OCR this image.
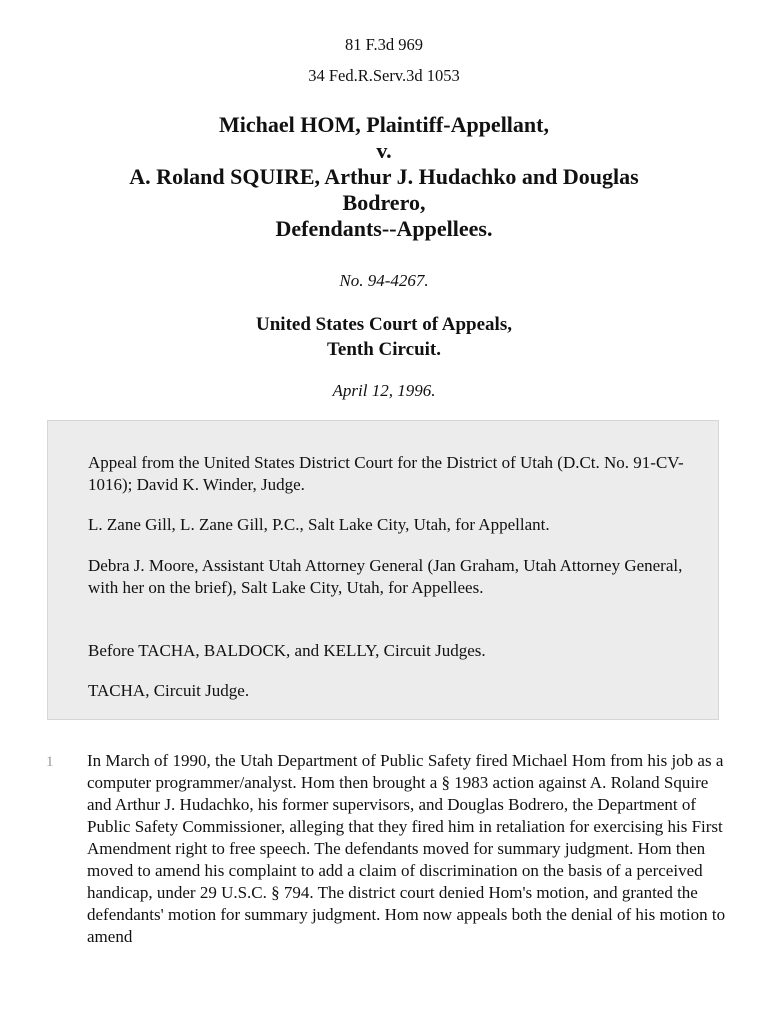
81 F.3d 969
34 Fed.R.Serv.3d 1053
Michael HOM, Plaintiff-Appellant,
v.
A. Roland SQUIRE, Arthur J. Hudachko and Douglas
Bodrero,
Defendants--Appellees.
No. 94-4267.
United States Court of Appeals,
Tenth Circuit.
April 12, 1996.

Appeal from the United States District Court for the District of Utah (D.Ct. No. 91-CV-1016); David K. Winder, Judge.

L. Zane Gill, L. Zane Gill, P.C., Salt Lake City, Utah, for Appellant.

Debra J. Moore, Assistant Utah Attorney General (Jan Graham, Utah Attorney General, with her on the brief), Salt Lake City, Utah, for Appellees.

Before TACHA, BALDOCK, and KELLY, Circuit Judges.

TACHA, Circuit Judge.

1 In March of 1990, the Utah Department of Public Safety fired Michael Hom from his job as a computer programmer/analyst. Hom then brought a § 1983 action against A. Roland Squire and Arthur J. Hudachko, his former supervisors, and Douglas Bodrero, the Department of Public Safety Commissioner, alleging that they fired him in retaliation for exercising his First Amendment right to free speech. The defendants moved for summary judgment. Hom then moved to amend his complaint to add a claim of discrimination on the basis of a perceived handicap, under 29 U.S.C. § 794. The district court denied Hom's motion, and granted the defendants' motion for summary judgment. Hom now appeals both the denial of his motion to amend
